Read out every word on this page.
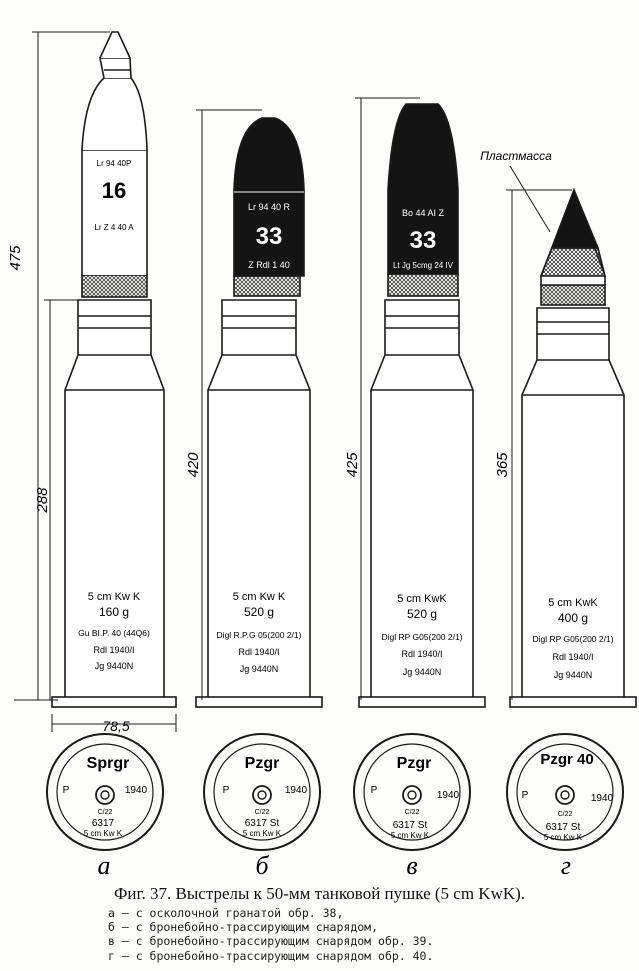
475
288
78,5
420	425	365
Пластмасса
Lr 94 40P
16
Lr Z 4 40 A
Lr 94 40 R
33
Z Rdl 1 40
Bo 44 AI Z
33
Lt Jg 5cmg 24 IV
5 cm Kw K
160 g
Gu BI.P. 40 (44Q6)
Rdl 1940/I
Jg 9440N
5 cm Kw K
520 g
Digl R.P.G 05(200 2/1)
Rdl 1940/I
Jg 9440N
5 cm KwK
520 g
Digl RP G05(200 2/1)
Rdl 1940/I
Jg 9440N
5 cm KwK
400 g
Digl RP G05(200 2/1)
Rdl 1940/I
Jg 9440N
Sprgr
P	1940
C/22
6317
5 cm Kw K
Pzgr
P	1940
C/22
6317 St
5 cm Kw K
Pzgr
P	1940
C/22
6317 St
5 cm Kw K
Pzgr 40
P	1940
C/22
6317 St
5 cm Kw K
а	б	в	г
Фиг. 37. Выстрелы к 50-мм танковой пушке (5 cm KwK).
а — с осколочной гранатой обр. 38,
б — с бронебойно-трассирующим снарядом,
в — с бронебойно-трассирующим снарядом обр. 39.
г — с бронебойно-трассирующим снарядом обр. 40.
